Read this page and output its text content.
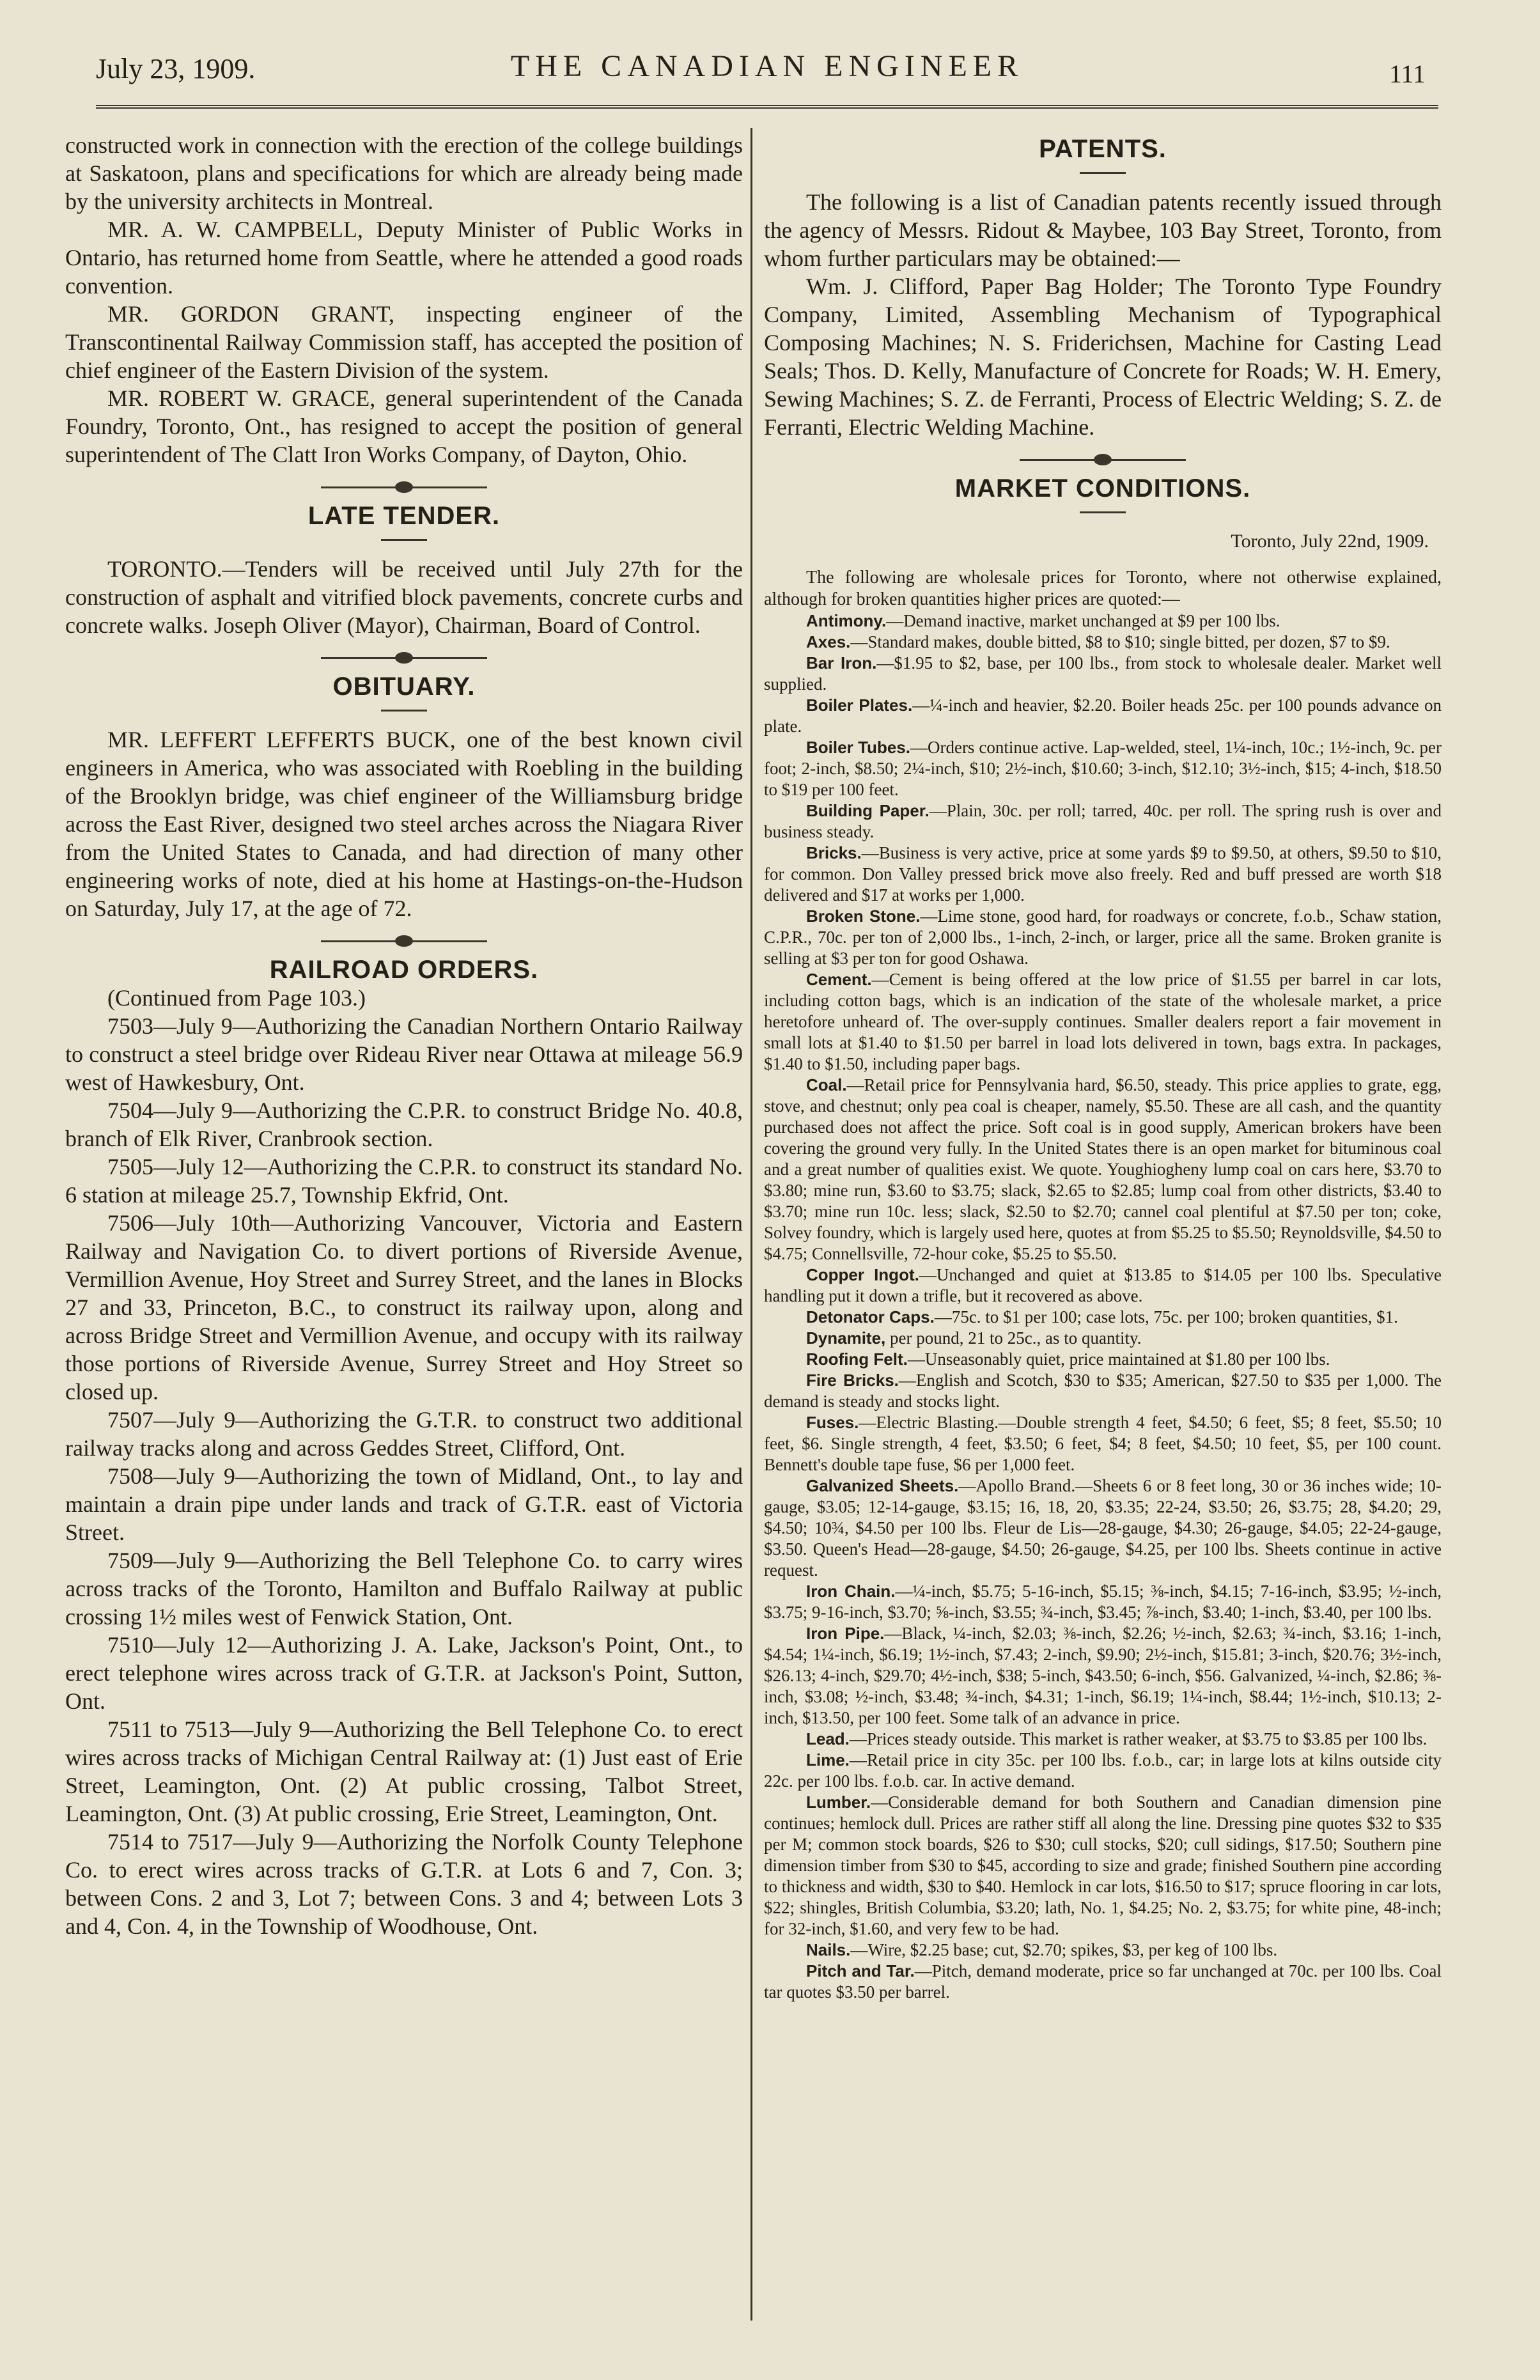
July 23, 1909.	THE CANADIAN ENGINEER	111

constructed work in connection with the erection of the college buildings at Saskatoon, plans and specifications for which are already being made by the university architects in Montreal.

MR. A. W. CAMPBELL, Deputy Minister of Public Works in Ontario, has returned home from Seattle, where he attended a good roads convention.

MR. GORDON GRANT, inspecting engineer of the Transcontinental Railway Commission staff, has accepted the position of chief engineer of the Eastern Division of the system.

MR. ROBERT W. GRACE, general superintendent of the Canada Foundry, Toronto, Ont., has resigned to accept the position of general superintendent of The Clatt Iron Works Company, of Dayton, Ohio.

LATE TENDER.

TORONTO.—Tenders will be received until July 27th for the construction of asphalt and vitrified block pavements, concrete curbs and concrete walks. Joseph Oliver (Mayor), Chairman, Board of Control.

OBITUARY.

MR. LEFFERT LEFFERTS BUCK, one of the best known civil engineers in America, who was associated with Roebling in the building of the Brooklyn bridge, was chief engineer of the Williamsburg bridge across the East River, designed two steel arches across the Niagara River from the United States to Canada, and had direction of many other engineering works of note, died at his home at Hastings-on-the-Hudson on Saturday, July 17, at the age of 72.

RAILROAD ORDERS.

(Continued from Page 103.)

7503—July 9—Authorizing the Canadian Northern Ontario Railway to construct a steel bridge over Rideau River near Ottawa at mileage 56.9 west of Hawkesbury, Ont.

7504—July 9—Authorizing the C.P.R. to construct Bridge No. 40.8, branch of Elk River, Cranbrook section.

7505—July 12—Authorizing the C.P.R. to construct its standard No. 6 station at mileage 25.7, Township Ekfrid, Ont.

7506—July 10th—Authorizing Vancouver, Victoria and Eastern Railway and Navigation Co. to divert portions of Riverside Avenue, Vermillion Avenue, Hoy Street and Surrey Street, and the lanes in Blocks 27 and 33, Princeton, B.C., to construct its railway upon, along and across Bridge Street and Vermillion Avenue, and occupy with its railway those portions of Riverside Avenue, Surrey Street and Hoy Street so closed up.

7507—July 9—Authorizing the G.T.R. to construct two additional railway tracks along and across Geddes Street, Clifford, Ont.

7508—July 9—Authorizing the town of Midland, Ont., to lay and maintain a drain pipe under lands and track of G.T.R. east of Victoria Street.

7509—July 9—Authorizing the Bell Telephone Co. to carry wires across tracks of the Toronto, Hamilton and Buffalo Railway at public crossing 1½ miles west of Fenwick Station, Ont.

7510—July 12—Authorizing J. A. Lake, Jackson's Point, Ont., to erect telephone wires across track of G.T.R. at Jackson's Point, Sutton, Ont.

7511 to 7513—July 9—Authorizing the Bell Telephone Co. to erect wires across tracks of Michigan Central Railway at: (1) Just east of Erie Street, Leamington, Ont. (2) At public crossing, Talbot Street, Leamington, Ont. (3) At public crossing, Erie Street, Leamington, Ont.

7514 to 7517—July 9—Authorizing the Norfolk County Telephone Co. to erect wires across tracks of G.T.R. at Lots 6 and 7, Con. 3; between Cons. 2 and 3, Lot 7; between Cons. 3 and 4; between Lots 3 and 4, Con. 4, in the Township of Woodhouse, Ont.

PATENTS.

The following is a list of Canadian patents recently issued through the agency of Messrs. Ridout & Maybee, 103 Bay Street, Toronto, from whom further particulars may be obtained:—

Wm. J. Clifford, Paper Bag Holder; The Toronto Type Foundry Company, Limited, Assembling Mechanism of Typographical Composing Machines; N. S. Friderichsen, Machine for Casting Lead Seals; Thos. D. Kelly, Manufacture of Concrete for Roads; W. H. Emery, Sewing Machines; S. Z. de Ferranti, Process of Electric Welding; S. Z. de Ferranti, Electric Welding Machine.

MARKET CONDITIONS.
Toronto, July 22nd, 1909.

The following are wholesale prices for Toronto, where not otherwise explained, although for broken quantities higher prices are quoted:—

Antimony.—Demand inactive, market unchanged at $9 per 100 lbs.

Axes.—Standard makes, double bitted, $8 to $10; single bitted, per dozen, $7 to $9.

Bar Iron.—$1.95 to $2, base, per 100 lbs., from stock to wholesale dealer. Market well supplied.

Boiler Plates.—¼-inch and heavier, $2.20. Boiler heads 25c. per 100 pounds advance on plate.

Boiler Tubes.—Orders continue active. Lap-welded, steel, 1¼-inch, 10c.; 1½-inch, 9c. per foot; 2-inch, $8.50; 2¼-inch, $10; 2½-inch, $10.60; 3-inch, $12.10; 3½-inch, $15; 4-inch, $18.50 to $19 per 100 feet.

Building Paper.—Plain, 30c. per roll; tarred, 40c. per roll. The spring rush is over and business steady.

Bricks.—Business is very active, price at some yards $9 to $9.50, at others, $9.50 to $10, for common. Don Valley pressed brick move also freely. Red and buff pressed are worth $18 delivered and $17 at works per 1,000.

Broken Stone.—Lime stone, good hard, for roadways or concrete, f.o.b., Schaw station, C.P.R., 70c. per ton of 2,000 lbs., 1-inch, 2-inch, or larger, price all the same. Broken granite is selling at $3 per ton for good Oshawa.

Cement.—Cement is being offered at the low price of $1.55 per barrel in car lots, including cotton bags, which is an indication of the state of the wholesale market, a price heretofore unheard of. The over-supply continues. Smaller dealers report a fair movement in small lots at $1.40 to $1.50 per barrel in load lots delivered in town, bags extra. In packages, $1.40 to $1.50, including paper bags.

Coal.—Retail price for Pennsylvania hard, $6.50, steady. This price applies to grate, egg, stove, and chestnut; only pea coal is cheaper, namely, $5.50. These are all cash, and the quantity purchased does not affect the price. Soft coal is in good supply, American brokers have been covering the ground very fully. In the United States there is an open market for bituminous coal and a great number of qualities exist. We quote. Youghiogheny lump coal on cars here, $3.70 to $3.80; mine run, $3.60 to $3.75; slack, $2.65 to $2.85; lump coal from other districts, $3.40 to $3.70; mine run 10c. less; slack, $2.50 to $2.70; cannel coal plentiful at $7.50 per ton; coke, Solvey foundry, which is largely used here, quotes at from $5.25 to $5.50; Reynoldsville, $4.50 to $4.75; Connellsville, 72-hour coke, $5.25 to $5.50.

Copper Ingot.—Unchanged and quiet at $13.85 to $14.05 per 100 lbs. Speculative handling put it down a trifle, but it recovered as above.

Detonator Caps.—75c. to $1 per 100; case lots, 75c. per 100; broken quantities, $1.

Dynamite, per pound, 21 to 25c., as to quantity.

Roofing Felt.—Unseasonably quiet, price maintained at $1.80 per 100 lbs.

Fire Bricks.—English and Scotch, $30 to $35; American, $27.50 to $35 per 1,000. The demand is steady and stocks light.

Fuses.—Electric Blasting.—Double strength 4 feet, $4.50; 6 feet, $5; 8 feet, $5.50; 10 feet, $6. Single strength, 4 feet, $3.50; 6 feet, $4; 8 feet, $4.50; 10 feet, $5, per 100 count. Bennett's double tape fuse, $6 per 1,000 feet.

Galvanized Sheets.—Apollo Brand.—Sheets 6 or 8 feet long, 30 or 36 inches wide; 10-gauge, $3.05; 12-14-gauge, $3.15; 16, 18, 20, $3.35; 22-24, $3.50; 26, $3.75; 28, $4.20; 29, $4.50; 10¾, $4.50 per 100 lbs. Fleur de Lis—28-gauge, $4.30; 26-gauge, $4.05; 22-24-gauge, $3.50. Queen's Head—28-gauge, $4.50; 26-gauge, $4.25, per 100 lbs. Sheets continue in active request.

Iron Chain.—¼-inch, $5.75; 5-16-inch, $5.15; ⅜-inch, $4.15; 7-16-inch, $3.95; ½-inch, $3.75; 9-16-inch, $3.70; ⅝-inch, $3.55; ¾-inch, $3.45; ⅞-inch, $3.40; 1-inch, $3.40, per 100 lbs.

Iron Pipe.—Black, ¼-inch, $2.03; ⅜-inch, $2.26; ½-inch, $2.63; ¾-inch, $3.16; 1-inch, $4.54; 1¼-inch, $6.19; 1½-inch, $7.43; 2-inch, $9.90; 2½-inch, $15.81; 3-inch, $20.76; 3½-inch, $26.13; 4-inch, $29.70; 4½-inch, $38; 5-inch, $43.50; 6-inch, $56. Galvanized, ¼-inch, $2.86; ⅜-inch, $3.08; ½-inch, $3.48; ¾-inch, $4.31; 1-inch, $6.19; 1¼-inch, $8.44; 1½-inch, $10.13; 2-inch, $13.50, per 100 feet. Some talk of an advance in price.

Lead.—Prices steady outside. This market is rather weaker, at $3.75 to $3.85 per 100 lbs.

Lime.—Retail price in city 35c. per 100 lbs. f.o.b., car; in large lots at kilns outside city 22c. per 100 lbs. f.o.b. car. In active demand.

Lumber.—Considerable demand for both Southern and Canadian dimension pine continues; hemlock dull. Prices are rather stiff all along the line. Dressing pine quotes $32 to $35 per M; common stock boards, $26 to $30; cull stocks, $20; cull sidings, $17.50; Southern pine dimension timber from $30 to $45, according to size and grade; finished Southern pine according to thickness and width, $30 to $40. Hemlock in car lots, $16.50 to $17; spruce flooring in car lots, $22; shingles, British Columbia, $3.20; lath, No. 1, $4.25; No. 2, $3.75; for white pine, 48-inch; for 32-inch, $1.60, and very few to be had.

Nails.—Wire, $2.25 base; cut, $2.70; spikes, $3, per keg of 100 lbs.

Pitch and Tar.—Pitch, demand moderate, price so far unchanged at 70c. per 100 lbs. Coal tar quotes $3.50 per barrel.
